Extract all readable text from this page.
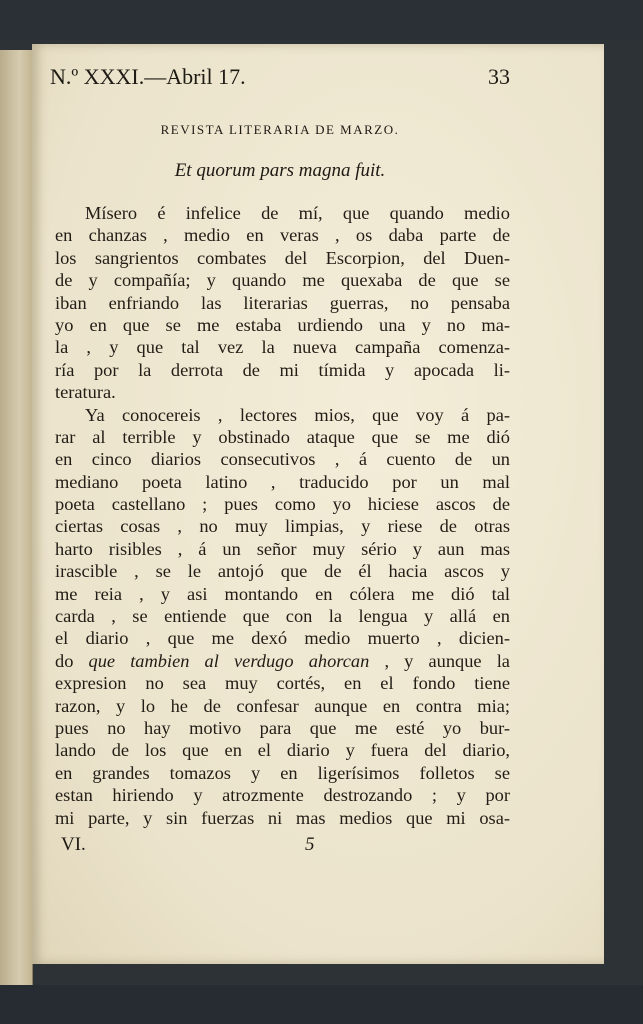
N.º XXXI.—Abril 17.	33
REVISTA LITERARIA DE MARZO.
Et quorum pars magna fuit.
Mísero é infelice de mí, que quando medio
en chanzas , medio en veras , os daba parte de
los sangrientos combates del Escorpion, del Duen-
de y compañía; y quando me quexaba de que se
iban enfriando las literarias guerras, no pensaba
yo en que se me estaba urdiendo una y no ma-
la , y que tal vez la nueva campaña comenza-
ría por la derrota de mi tímida y apocada li-
teratura.
Ya conocereis , lectores mios, que voy á pa-
rar al terrible y obstinado ataque que se me dió
en cinco diarios consecutivos , á cuento de un
mediano poeta latino , traducido por un mal
poeta castellano ; pues como yo hiciese ascos de
ciertas cosas , no muy limpias, y riese de otras
harto risibles , á un señor muy sério y aun mas
irascible , se le antojó que de él hacia ascos y
me reia , y asi montando en cólera me dió tal
carda , se entiende que con la lengua y allá en
el diario , que me dexó medio muerto , dicien-
do que tambien al verdugo ahorcan , y aunque la
expresion no sea muy cortés, en el fondo tiene
razon, y lo he de confesar aunque en contra mia;
pues no hay motivo para que me esté yo bur-
lando de los que en el diario y fuera del diario,
en grandes tomazos y en ligerísimos folletos se
estan hiriendo y atrozmente destrozando ; y por
mi parte, y sin fuerzas ni mas medios que mi osa-
VI.	5
